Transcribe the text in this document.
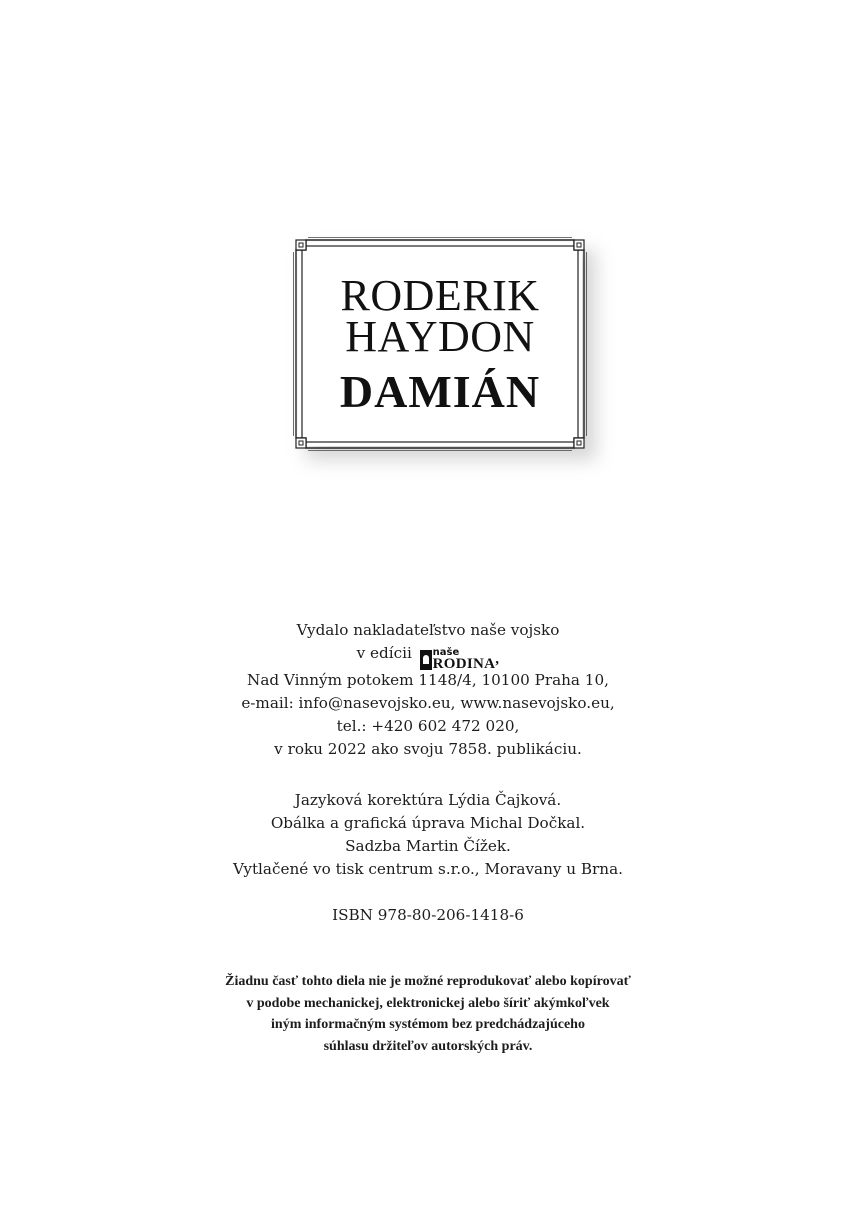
RODERIK
HAYDON
DAMIÁN
Vydalo nakladateľstvo naše vojsko
v edícii naše
RODINA ,
Nad Vinným potokem 1148/4, 10100 Praha 10,
e-mail: info@nasevojsko.eu, www.nasevojsko.eu,
tel.: +420 602 472 020,
v roku 2022 ako svoju 7858. publikáciu.
Jazyková korektúra Lýdia Čajková.
Obálka a grafická úprava Michal Dočkal.
Sadzba Martin Čížek.
Vytlačené vo tisk centrum s.r.o., Moravany u Brna.
ISBN 978-80-206-1418-6
Žiadnu časť tohto diela nie je možné reprodukovať alebo kopírovať
v podobe mechanickej, elektronickej alebo šíriť akýmkoľvek
iným informačným systémom bez predchádzajúceho
súhlasu držiteľov autorských práv.
